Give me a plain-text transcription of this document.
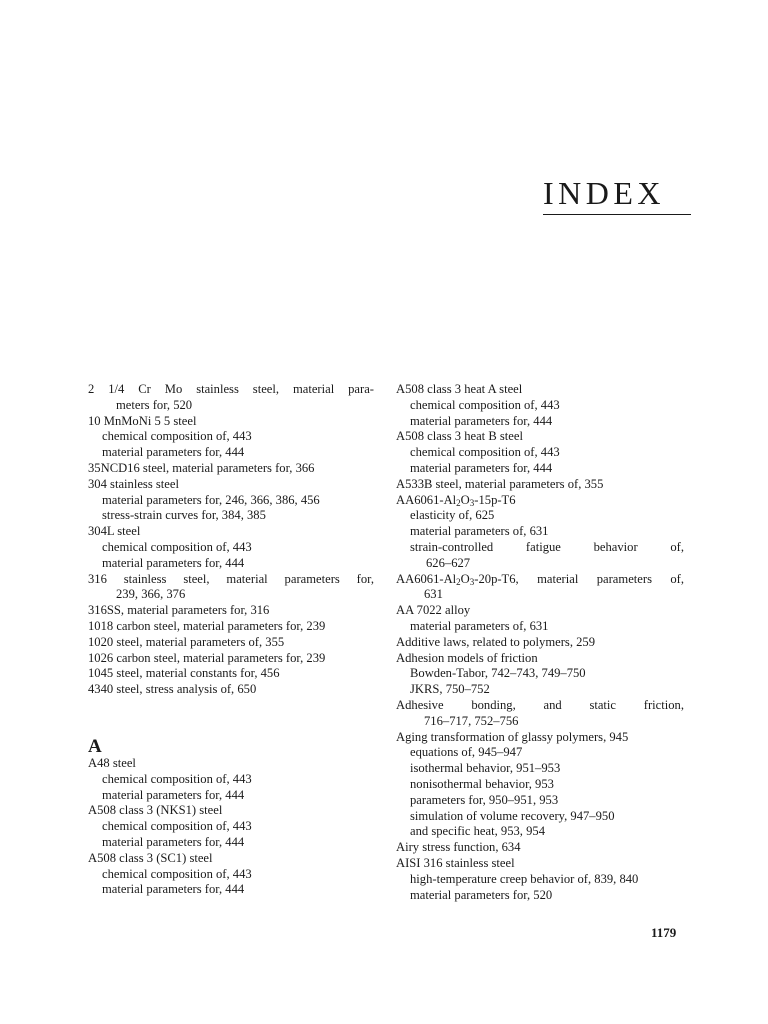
INDEX

2 1/4 Cr Mo stainless steel, material para-

meters for, 520

10 MnMoNi 5 5 steel

chemical composition of, 443

material parameters for, 444

35NCD16 steel, material parameters for, 366

304 stainless steel

material parameters for, 246, 366, 386, 456

stress-strain curves for, 384, 385

304L steel

chemical composition of, 443

material parameters for, 444

316 stainless steel, material parameters for,

239, 366, 376

316SS, material parameters for, 316

1018 carbon steel, material parameters for, 239

1020 steel, material parameters of, 355

1026 carbon steel, material parameters for, 239

1045 steel, material constants for, 456

4340 steel, stress analysis of, 650

A

A48 steel

chemical composition of, 443

material parameters for, 444

A508 class 3 (NKS1) steel

chemical composition of, 443

material parameters for, 444

A508 class 3 (SC1) steel

chemical composition of, 443

material parameters for, 444

A508 class 3 heat A steel

chemical composition of, 443

material parameters for, 444

A508 class 3 heat B steel

chemical composition of, 443

material parameters for, 444

A533B steel, material parameters of, 355

$AA6061-Al_2O_3-15p-T6$

elasticity of, 625

material parameters of, 631

strain-controlled fatigue behavior of,

626–627

$AA6061-Al_2O_3-20p-T6$, material parameters of,

631

AA 7022 alloy

material parameters of, 631

Additive laws, related to polymers, 259

Adhesion models of friction

Bowden-Tabor, 742–743, 749–750

JKRS, 750–752

Adhesive bonding, and static friction,

716–717, 752–756

Aging transformation of glassy polymers, 945

equations of, 945–947

isothermal behavior, 951–953

nonisothermal behavior, 953

parameters for, 950–951, 953

simulation of volume recovery, 947–950

and specific heat, 953, 954

Airy stress function, 634

AISI 316 stainless steel

high-temperature creep behavior of, 839, 840

material parameters for, 520

1179
